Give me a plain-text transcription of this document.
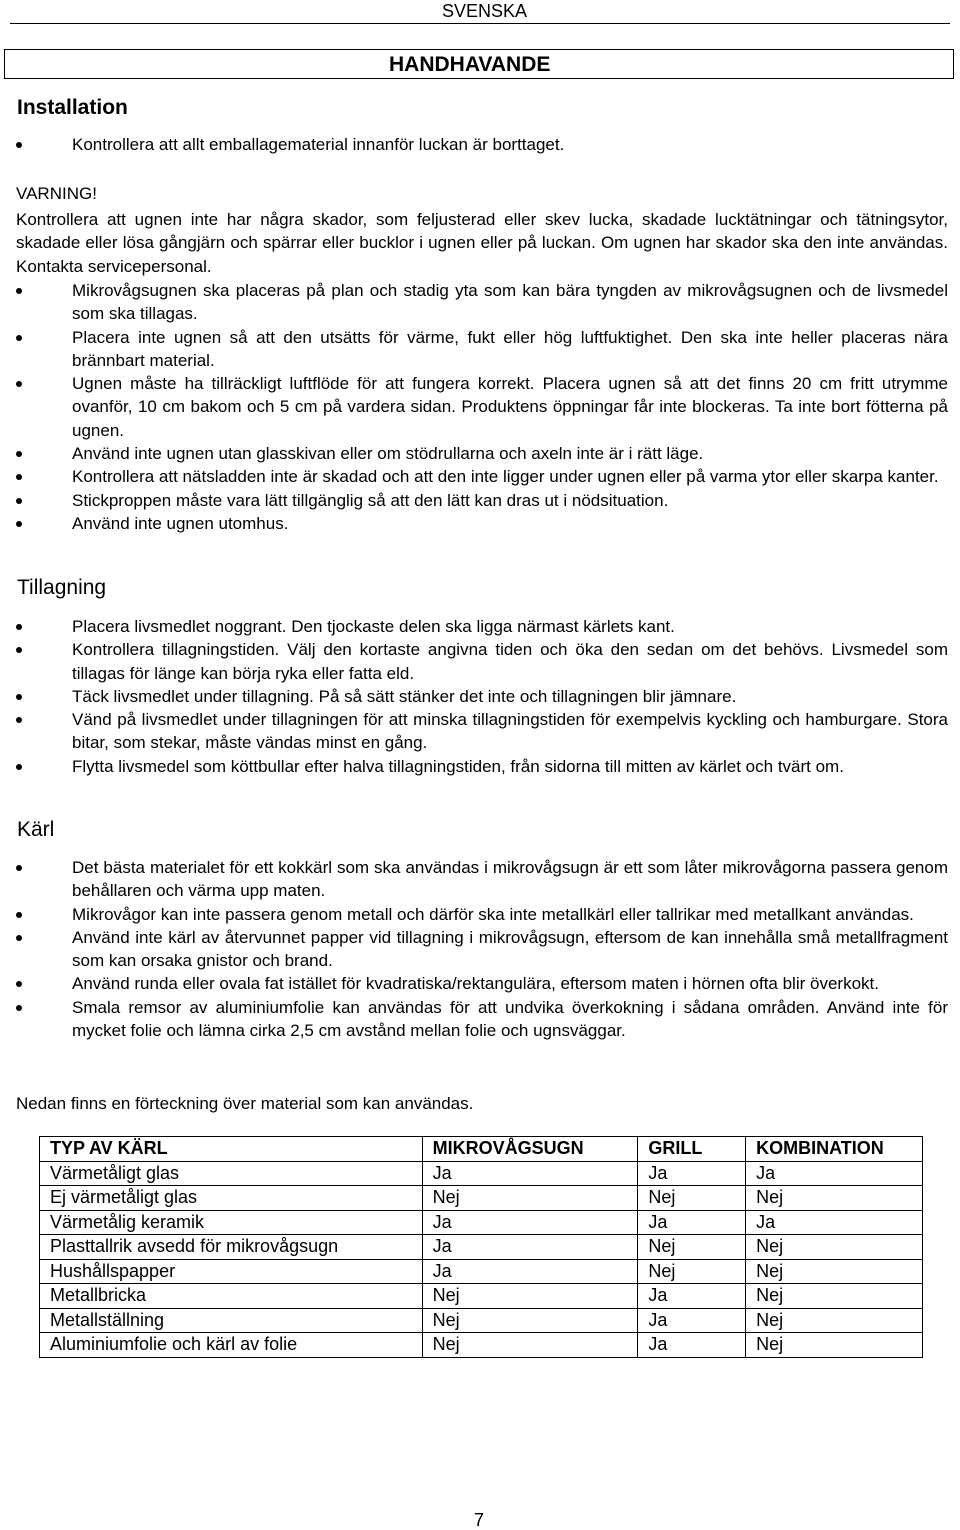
SVENSKA
HANDHAVANDE
Installation
Kontrollera att allt emballagematerial innanför luckan är borttaget.

VARNING!

Kontrollera att ugnen inte har några skador, som feljusterad eller skev lucka, skadade lucktätningar och tätningsytor, skadade eller lösa gångjärn och spärrar eller bucklor i ugnen eller på luckan. Om ugnen har skador ska den inte användas. Kontakta servicepersonal.

Mikrovågsugnen ska placeras på plan och stadig yta som kan bära tyngden av mikrovågsugnen och de livsmedel som ska tillagas.
Placera inte ugnen så att den utsätts för värme, fukt eller hög luftfuktighet. Den ska inte heller placeras nära brännbart material.
Ugnen måste ha tillräckligt luftflöde för att fungera korrekt. Placera ugnen så att det finns 20 cm fritt utrymme ovanför, 10 cm bakom och 5 cm på vardera sidan. Produktens öppningar får inte blockeras. Ta inte bort fötterna på ugnen.
Använd inte ugnen utan glasskivan eller om stödrullarna och axeln inte är i rätt läge.
Kontrollera att nätsladden inte är skadad och att den inte ligger under ugnen eller på varma ytor eller skarpa kanter.
Stickproppen måste vara lätt tillgänglig så att den lätt kan dras ut i nödsituation.
Använd inte ugnen utomhus.
Tillagning
Placera livsmedlet noggrant. Den tjockaste delen ska ligga närmast kärlets kant.
Kontrollera tillagningstiden. Välj den kortaste angivna tiden och öka den sedan om det behövs. Livsmedel som tillagas för länge kan börja ryka eller fatta eld.
Täck livsmedlet under tillagning. På så sätt stänker det inte och tillagningen blir jämnare.
Vänd på livsmedlet under tillagningen för att minska tillagningstiden för exempelvis kyckling och hamburgare. Stora bitar, som stekar, måste vändas minst en gång.
Flytta livsmedel som köttbullar efter halva tillagningstiden, från sidorna till mitten av kärlet och tvärt om.
Kärl
Det bästa materialet för ett kokkärl som ska användas i mikrovågsugn är ett som låter mikrovågorna passera genom behållaren och värma upp maten.
Mikrovågor kan inte passera genom metall och därför ska inte metallkärl eller tallrikar med metallkant användas.
Använd inte kärl av återvunnet papper vid tillagning i mikrovågsugn, eftersom de kan innehålla små metallfragment som kan orsaka gnistor och brand.
Använd runda eller ovala fat istället för kvadratiska/rektangulära, eftersom maten i hörnen ofta blir överkokt.
Smala remsor av aluminiumfolie kan användas för att undvika överkokning i sådana områden. Använd inte för mycket folie och lämna cirka 2,5 cm avstånd mellan folie och ugnsväggar.

Nedan finns en förteckning över material som kan användas.

TYP AV KÄRL	MIKROVÅGSUGN	GRILL	KOMBINATION
Värmetåligt glas	Ja	Ja	Ja
Ej värmetåligt glas	Nej	Nej	Nej
Värmetålig keramik	Ja	Ja	Ja
Plasttallrik avsedd för mikrovågsugn	Ja	Nej	Nej
Hushållspapper	Ja	Nej	Nej
Metallbricka	Nej	Ja	Nej
Metallställning	Nej	Ja	Nej
Aluminiumfolie och kärl av folie	Nej	Ja	Nej
7
